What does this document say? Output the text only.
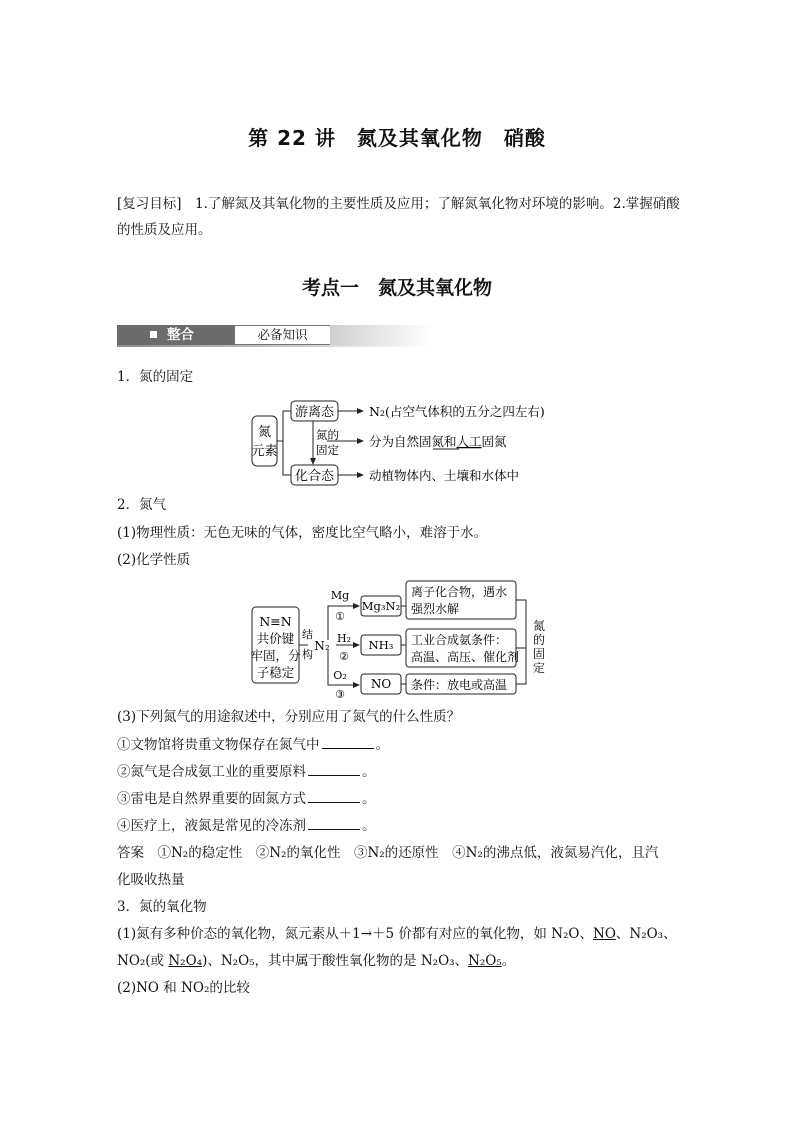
第 22 讲　氮及其氧化物　硝酸
[复习目标]　1.了解氮及其氧化物的主要性质及应用；了解氮氧化物对环境的影响。2.掌握硝酸的性质及应用。
考点一　氮及其氧化物
整合	必备知识
1．氮的固定
氮
元素
游离态
化合态
N₂(占空气体积的五分之四左右)
氮的
固定
分为自然固氮和人工固氮
动植物体内、土壤和水体中
2．氮气
(1)物理性质：无色无味的气体，密度比空气略小，难溶于水。
(2)化学性质
N≡N
共价键
牢固，分
子稳定
结
构
N₂
Mg
①
H₂
②
O₂
③
Mg₃N₂
NH₃
NO
离子化合物，遇水
强烈水解
工业合成氨条件：
高温、高压、催化剂
条件：放电或高温
氮
的
固
定
(3)下列氮气的用途叙述中，分别应用了氮气的什么性质？
①文物馆将贵重文物保存在氮气中	。
②氮气是合成氨工业的重要原料	。
③雷电是自然界重要的固氮方式	。
④医疗上，液氮是常见的冷冻剂	。
答案　①N₂的稳定性　②N₂的氧化性　③N₂的还原性　④N₂的沸点低，液氮易汽化，且汽
化吸收热量
3．氮的氧化物
(1)氮有多种价态的氧化物，氮元素从＋1→＋5 价都有对应的氧化物，如 N₂O、NO、N₂O₃、
NO₂(或 N₂O₄)、N₂O₅，其中属于酸性氧化物的是 N₂O₃、N₂O₅。
(2)NO 和 NO₂的比较
